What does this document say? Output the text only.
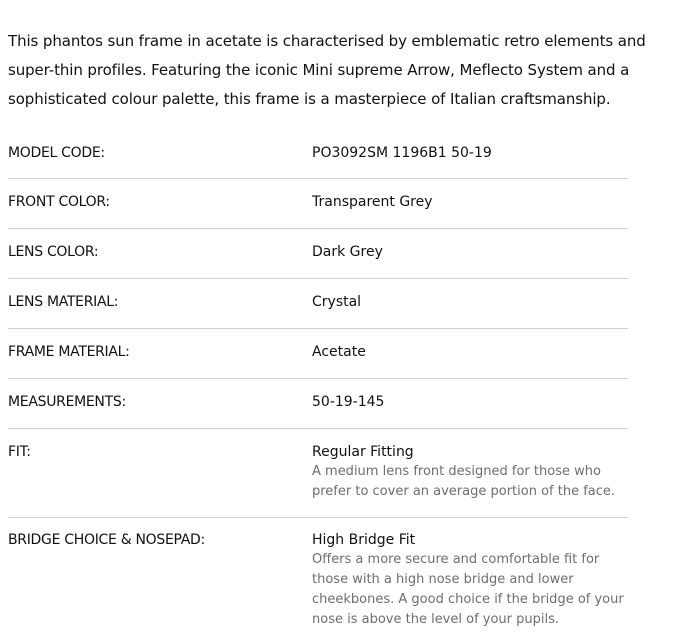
This phantos sun frame in acetate is characterised by emblematic retro elements and super-thin profiles. Featuring the iconic Mini supreme Arrow, Meflecto System and a sophisticated colour palette, this frame is a masterpiece of Italian craftsmanship.

MODEL CODE:	PO3092SM 1196B1 50-19
FRONT COLOR:	Transparent Grey
LENS COLOR:	Dark Grey
LENS MATERIAL:	Crystal
FRAME MATERIAL:	Acetate
MEASUREMENTS:	50-19-145
FIT:	Regular Fitting
A medium lens front designed for those who prefer to cover an average portion of the face.
BRIDGE CHOICE & NOSEPAD:	High Bridge Fit
Offers a more secure and comfortable fit for those with a high nose bridge and lower cheekbones. A good choice if the bridge of your nose is above the level of your pupils.
